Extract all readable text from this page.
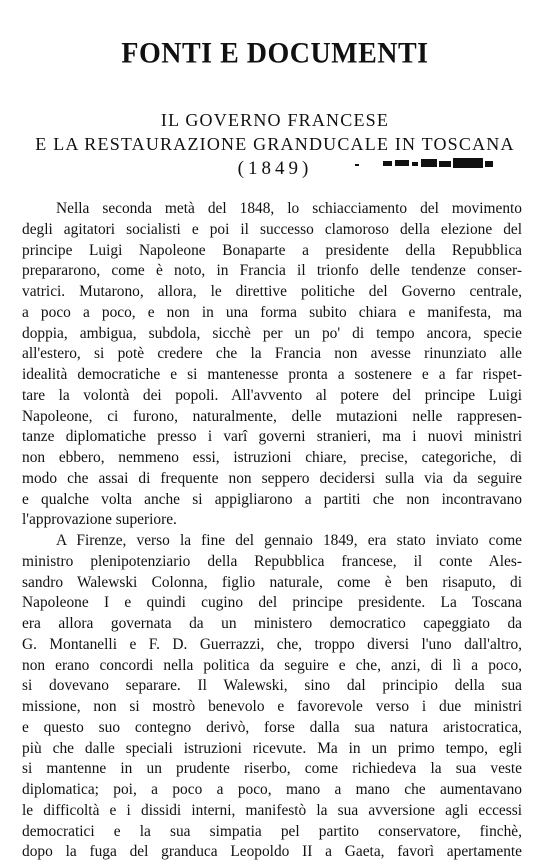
FONTI E DOCUMENTI
IL GOVERNO FRANCESE
E LA RESTAURAZIONE GRANDUCALE IN TOSCANA
(1849)
Nella seconda metà del 1848, lo schiacciamento del movimento
degli agitatori socialisti e poi il successo clamoroso della elezione del
principe Luigi Napoleone Bonaparte a presidente della Repubblica
prepararono, come è noto, in Francia il trionfo delle tendenze conser-
vatrici. Mutarono, allora, le direttive politiche del Governo centrale,
a poco a poco, e non in una forma subito chiara e manifesta, ma
doppia, ambigua, subdola, sicchè per un po' di tempo ancora, specie
all'estero, si potè credere che la Francia non avesse rinunziato alle
idealità democratiche e si mantenesse pronta a sostenere e a far rispet-
tare la volontà dei popoli. All'avvento al potere del principe Luigi
Napoleone, ci furono, naturalmente, delle mutazioni nelle rappresen-
tanze diplomatiche presso i varî governi stranieri, ma i nuovi ministri
non ebbero, nemmeno essi, istruzioni chiare, precise, categoriche, di
modo che assai di frequente non seppero decidersi sulla via da seguire
e qualche volta anche si appigliarono a partiti che non incontravano
l'approvazione superiore.
A Firenze, verso la fine del gennaio 1849, era stato inviato come
ministro plenipotenziario della Repubblica francese, il conte Ales-
sandro Walewski Colonna, figlio naturale, come è ben risaputo, di
Napoleone I e quindi cugino del principe presidente. La Toscana
era allora governata da un ministero democratico capeggiato da
G. Montanelli e F. D. Guerrazzi, che, troppo diversi l'uno dall'altro,
non erano concordi nella politica da seguire e che, anzi, di lì a poco,
si dovevano separare. Il Walewski, sino dal principio della sua
missione, non si mostrò benevolo e favorevole verso i due ministri
e questo suo contegno derivò, forse dalla sua natura aristocratica,
più che dalle speciali istruzioni ricevute. Ma in un primo tempo, egli
si mantenne in un prudente riserbo, come richiedeva la sua veste
diplomatica; poi, a poco a poco, mano a mano che aumentavano
le difficoltà e i dissidi interni, manifestò la sua avversione agli eccessi
democratici e la sua simpatia pel partito conservatore, finchè,
dopo la fuga del granduca Leopoldo II a Gaeta, favorì apertamente
